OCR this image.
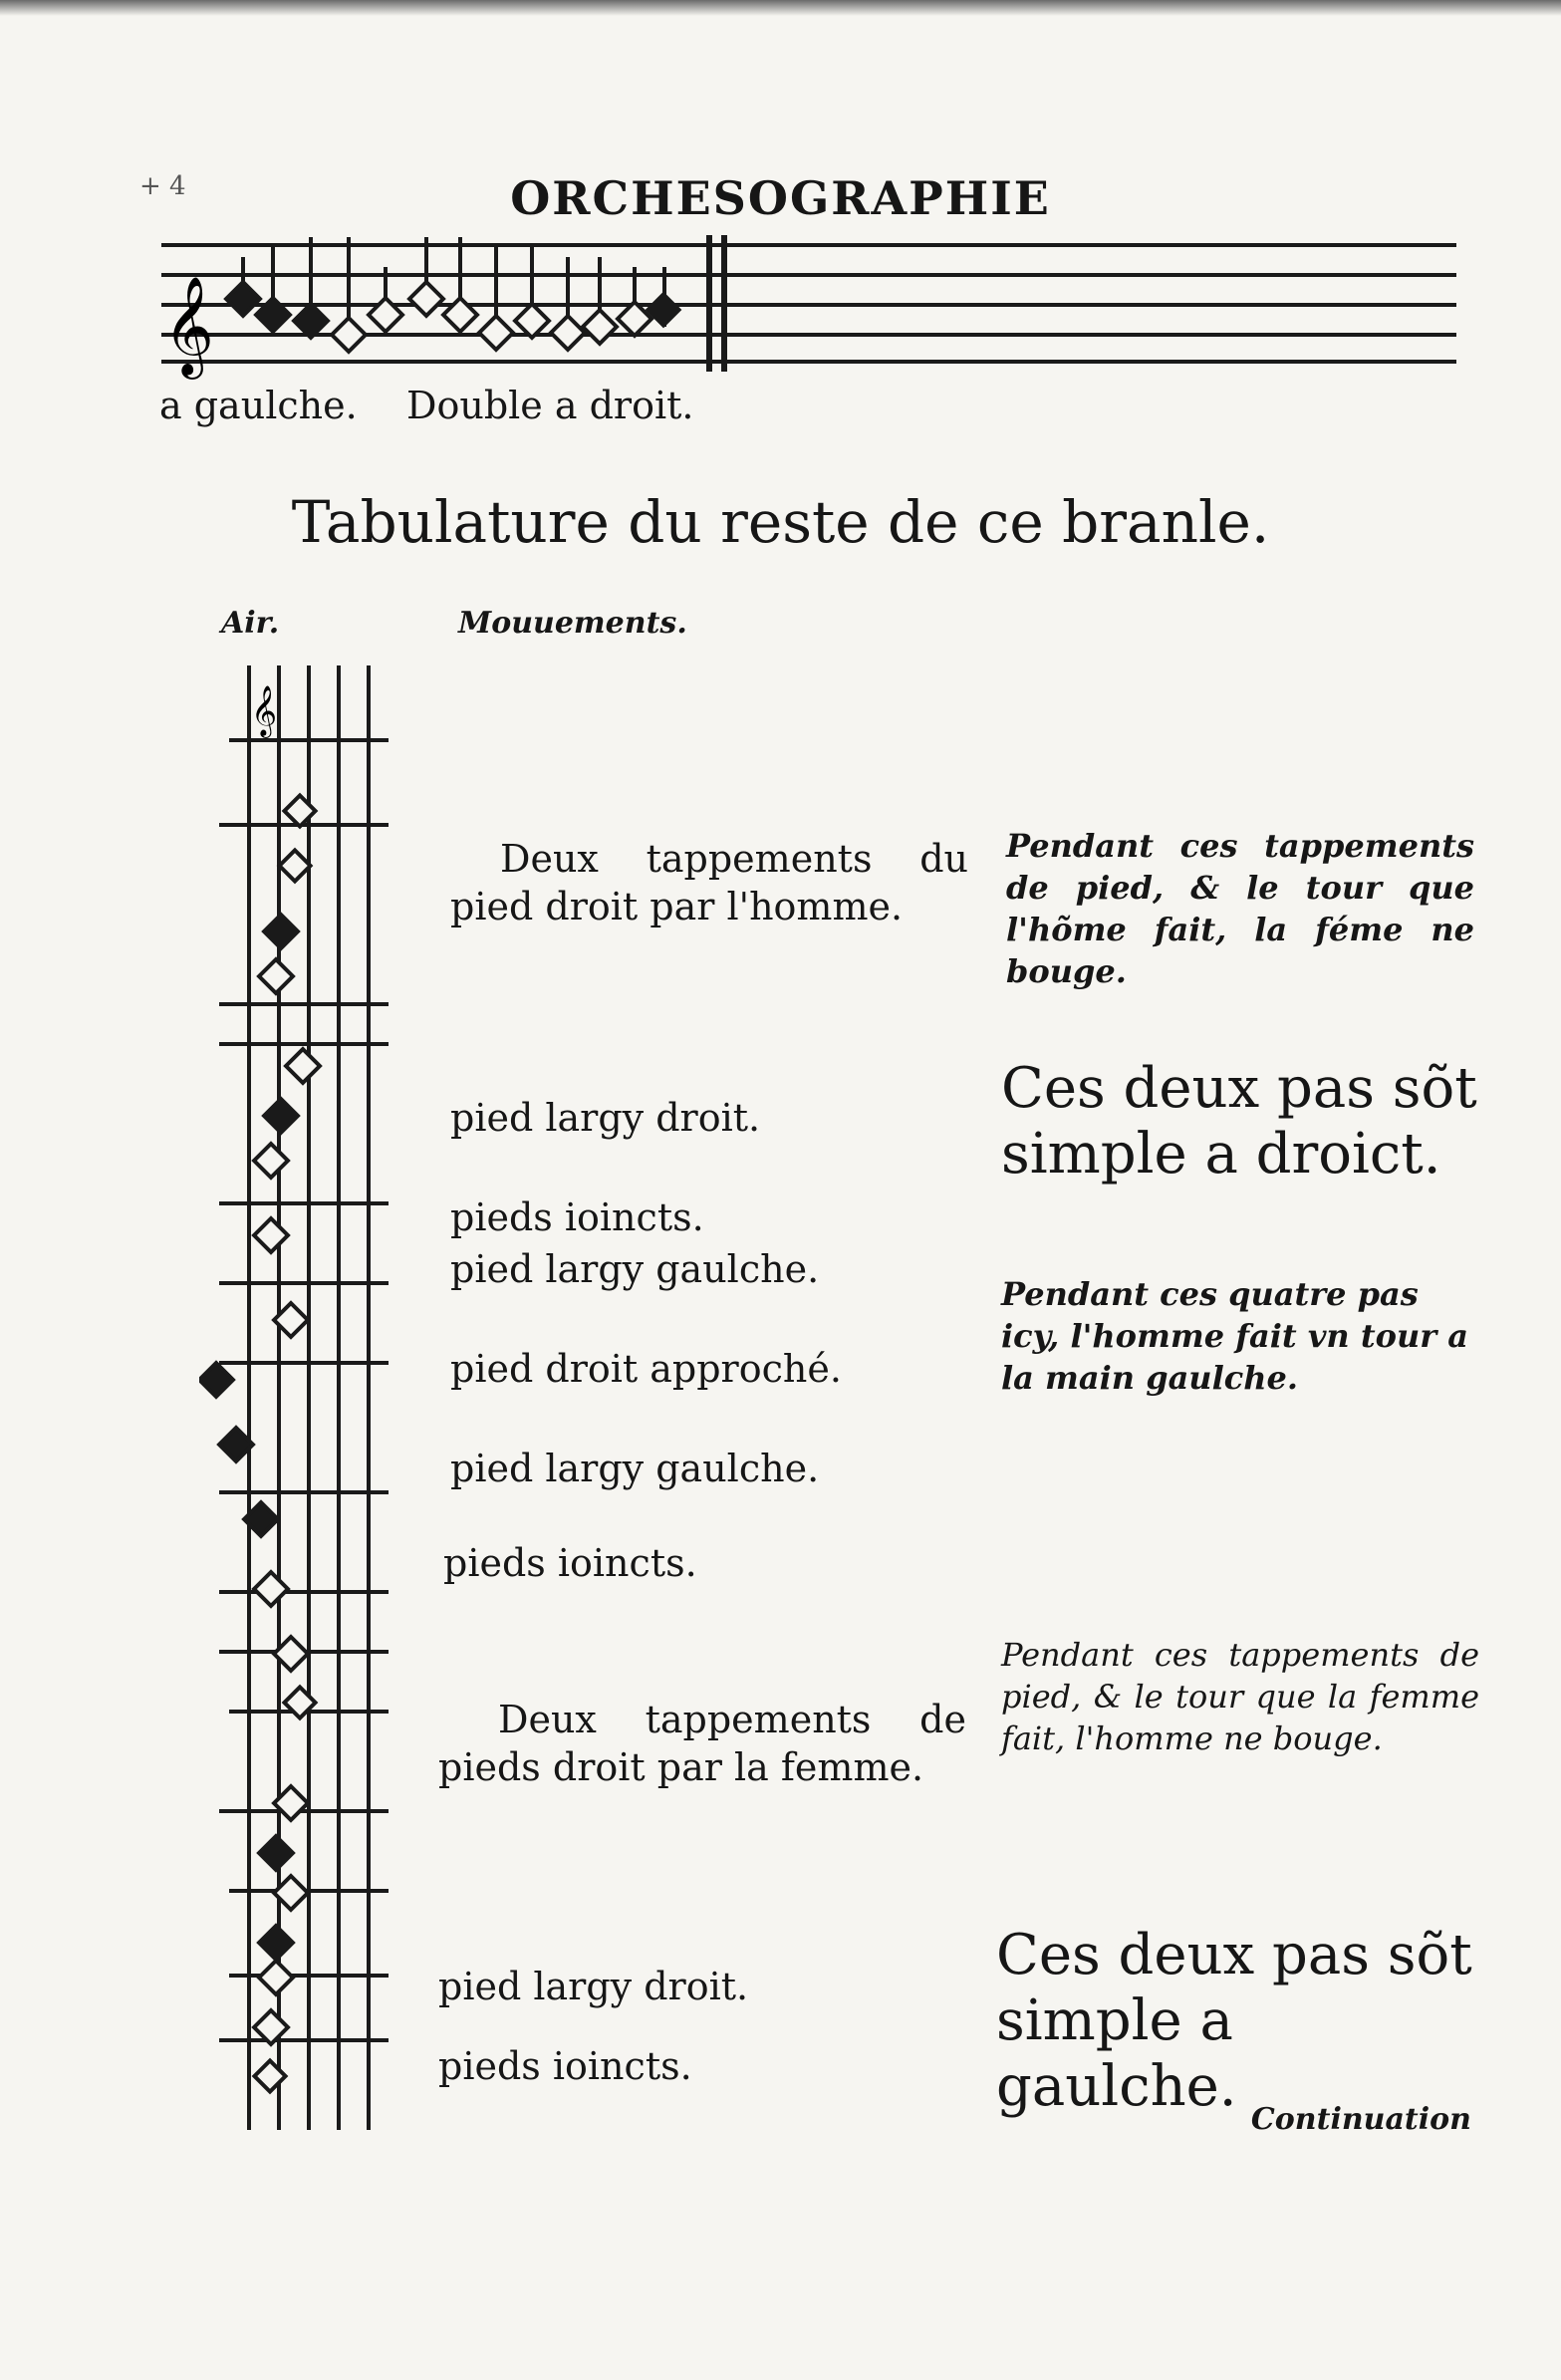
+ 4	ORCHESOGRAPHIE
𝄞
a gaulche. Double a droit.
Tabulature du reste de ce branle.
Air.	Mouuements.
𝄞
Deux tappements du pied droit par l'homme.
pied largy droit.
pieds ioincts.
pied largy gaulche.
pied droit approché.
pied largy gaulche.
pieds ioincts.
Deux tappements de pieds droit par la femme.
pied largy droit.
pieds ioincts.
Pendant ces tappements de pied, & le tour que l'hõme fait, la féme ne bouge.
Ces deux pas sõt simple a droict.
Pendant ces quatre pas icy, l'homme fait vn tour a la main gaulche.
Pendant ces tappements de pied, & le tour que la femme fait, l'homme ne bouge.
Ces deux pas sõt simple a gaulche.
Continuation
